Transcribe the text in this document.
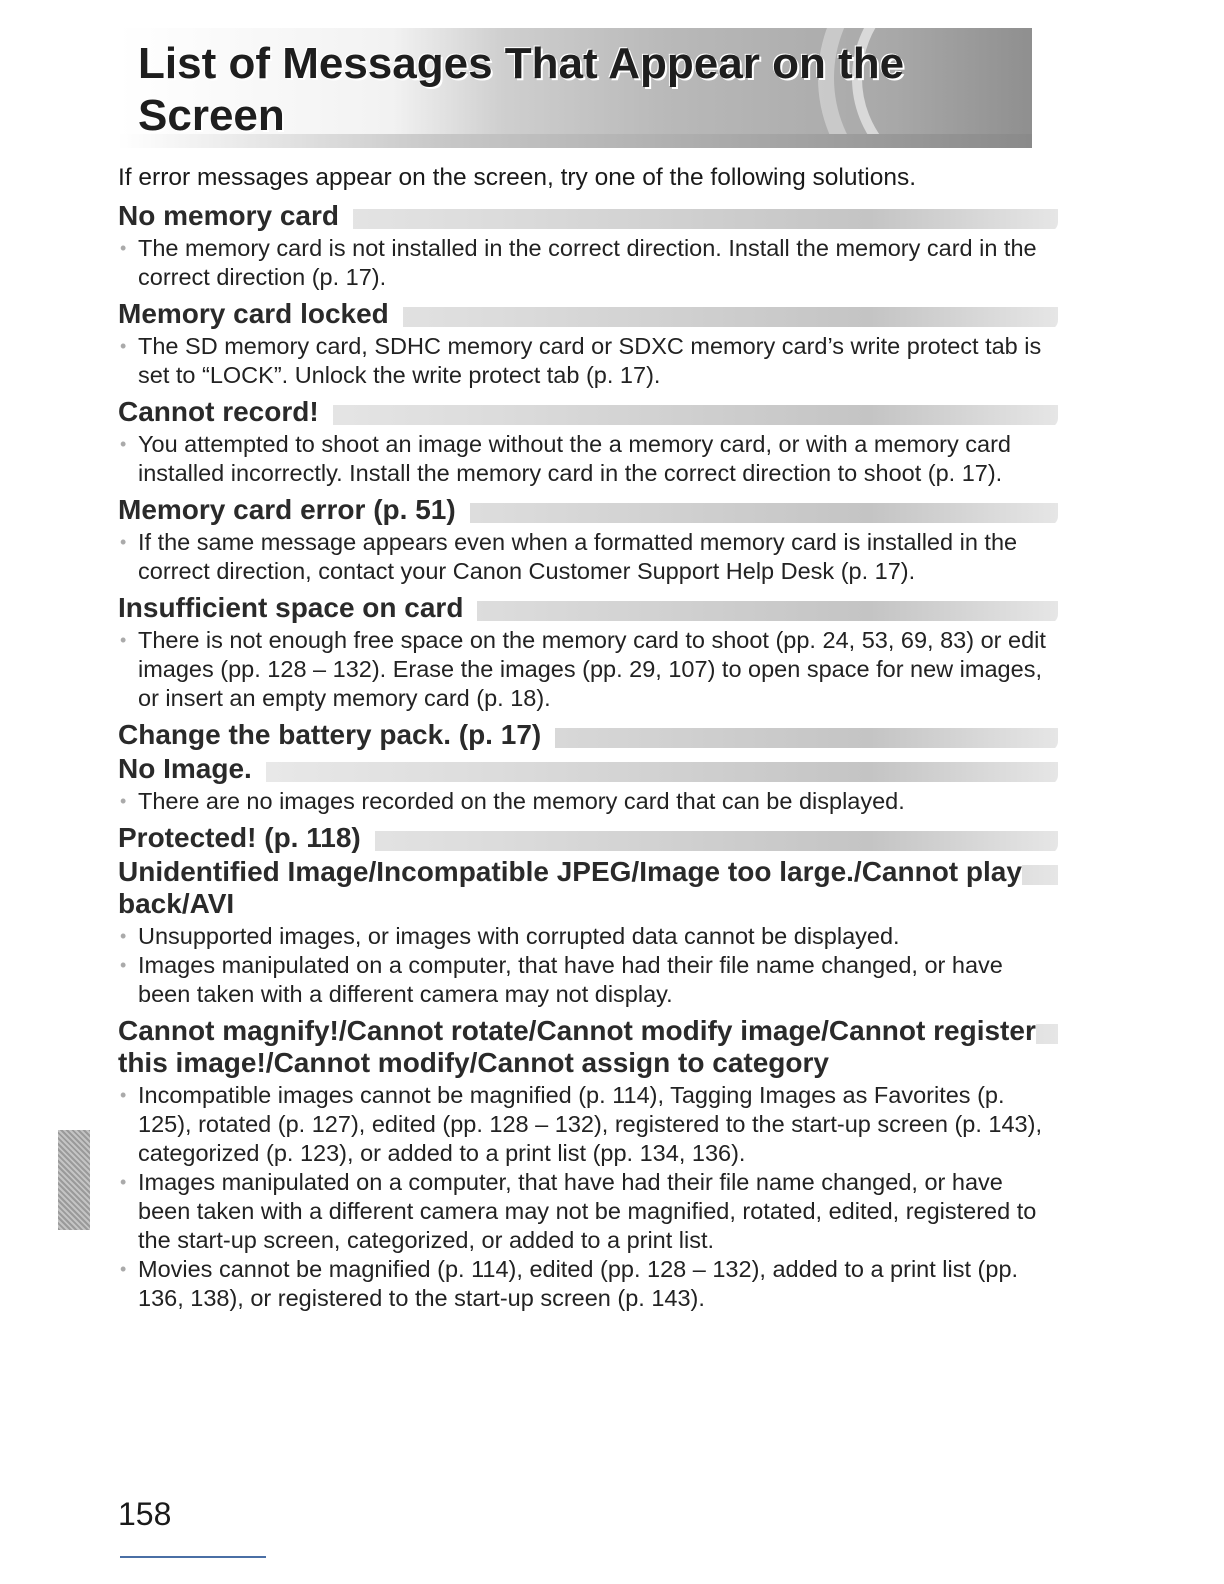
List of Messages That Appear on the Screen

If error messages appear on the screen, try one of the following solutions.

No memory card
• The memory card is not installed in the correct direction. Install the memory card in the correct direction (p. 17).
Memory card locked
• The SD memory card, SDHC memory card or SDXC memory card’s write protect tab is set to “LOCK”. Unlock the write protect tab (p. 17).
Cannot record!
• You attempted to shoot an image without the a memory card, or with a memory card installed incorrectly. Install the memory card in the correct direction to shoot (p. 17).
Memory card error (p. 51)
• If the same message appears even when a formatted memory card is installed in the correct direction, contact your Canon Customer Support Help Desk (p. 17).
Insufficient space on card
• There is not enough free space on the memory card to shoot (pp. 24, 53, 69, 83) or edit images (pp. 128 – 132). Erase the images (pp. 29, 107) to open space for new images, or insert an empty memory card (p. 18).
Change the battery pack. (p. 17)
No Image.
• There are no images recorded on the memory card that can be displayed.
Protected! (p. 118)
Unidentified Image/Incompatible JPEG/Image too large./Cannot play back/AVI
• Unsupported images, or images with corrupted data cannot be displayed.
• Images manipulated on a computer, that have had their file name changed, or have been taken with a different camera may not display.
Cannot magnify!/Cannot rotate/Cannot modify image/Cannot register this image!/Cannot modify/Cannot assign to category
• Incompatible images cannot be magnified (p. 114), Tagging Images as Favorites (p. 125), rotated (p. 127), edited (pp. 128 – 132), registered to the start-up screen (p. 143), categorized (p. 123), or added to a print list (pp. 134, 136).
• Images manipulated on a computer, that have had their file name changed, or have been taken with a different camera may not be magnified, rotated, edited, registered to the start-up screen, categorized, or added to a print list.
• Movies cannot be magnified (p. 114), edited (pp. 128 – 132), added to a print list (pp. 136, 138), or registered to the start-up screen (p. 143).

158
